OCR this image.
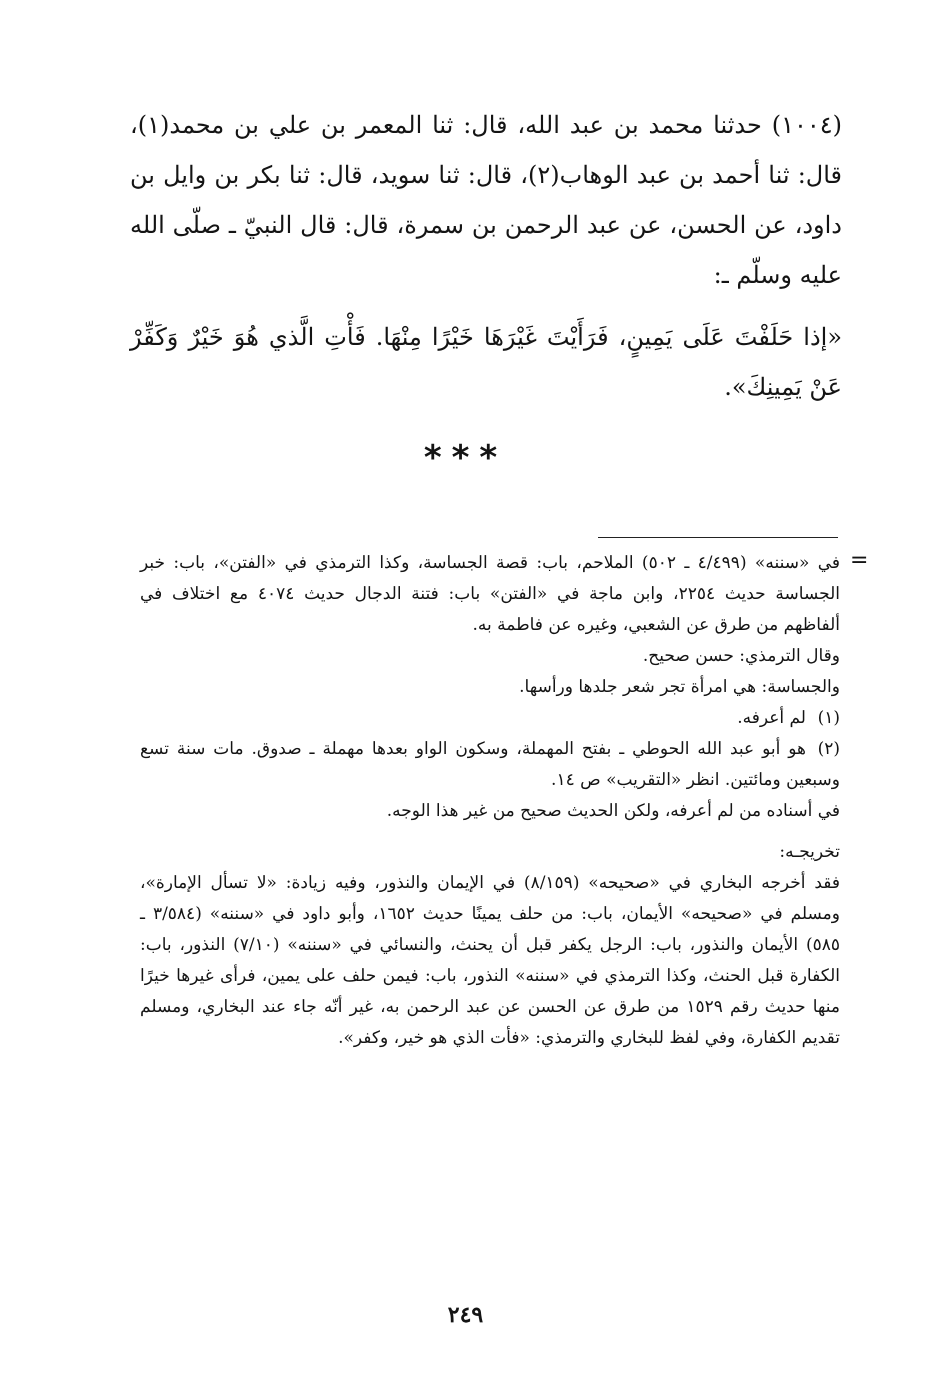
(١٠٠٤) حدثنا محمد بن عبد الله، قال: ثنا المعمر بن علي بن محمد(١)، قال: ثنا أحمد بن عبد الوهاب(٢)، قال: ثنا سويد، قال: ثنا بكر بن وايل بن داود، عن الحسن، عن عبد الرحمن بن سمرة، قال: قال النبيّ ـ صلّى الله عليه وسلّم ـ:

«إذا حَلَفْتَ عَلَى يَمِينٍ، فَرَأَيْتَ غَيْرَهَا خَيْرًا مِنْهَا. فَأْتِ الَّذي هُوَ خَيْرٌ وَكَفِّرْ عَنْ يَمِينِكَ».

***
=

في «سننه» (٤/٤٩٩ ـ ٥٠٢) الملاحم، باب: قصة الجساسة، وكذا الترمذي في «الفتن»، باب: خبر الجساسة حديث ٢٢٥٤، وابن ماجة في «الفتن» باب: فتنة الدجال حديث ٤٠٧٤ مع اختلاف في ألفاظهم من طرق عن الشعبي، وغيره عن فاطمة به.

وقال الترمذي: حسن صحيح.

والجساسة: هي امرأة تجر شعر جلدها ورأسها.

(١)لم أعرفه.

(٢)هو أبو عبد الله الحوطي ـ بفتح المهملة، وسكون الواو بعدها مهملة ـ صدوق. مات سنة تسع وسبعين ومائتين. انظر «التقريب» ص ١٤.

في أسناده من لم أعرفه، ولكن الحديث صحيح من غير هذا الوجه.

تخريجـه:

فقد أخرجه البخاري في «صحيحه» (٨/١٥٩) في الإيمان والنذور، وفيه زيادة: «لا تسأل الإمارة»، ومسلم في «صحيحه» الأيمان، باب: من حلف يمينًا حديث ١٦٥٢، وأبو داود في «سننه» (٣/٥٨٤ ـ ٥٨٥) الأيمان والنذور، باب: الرجل يكفر قبل أن يحنث، والنسائي في «سننه» (٧/١٠) النذور، باب: الكفارة قبل الحنث، وكذا الترمذي في «سننه» النذور، باب: فيمن حلف على يمين، فرأى غيرها خيرًا منها حديث رقم ١٥٢٩ من طرق عن الحسن عن عبد الرحمن به، غير أنّه جاء عند البخاري، ومسلم تقديم الكفارة، وفي لفظ للبخاري والترمذي: «فأت الذي هو خير، وكفر».

٢٤٩
